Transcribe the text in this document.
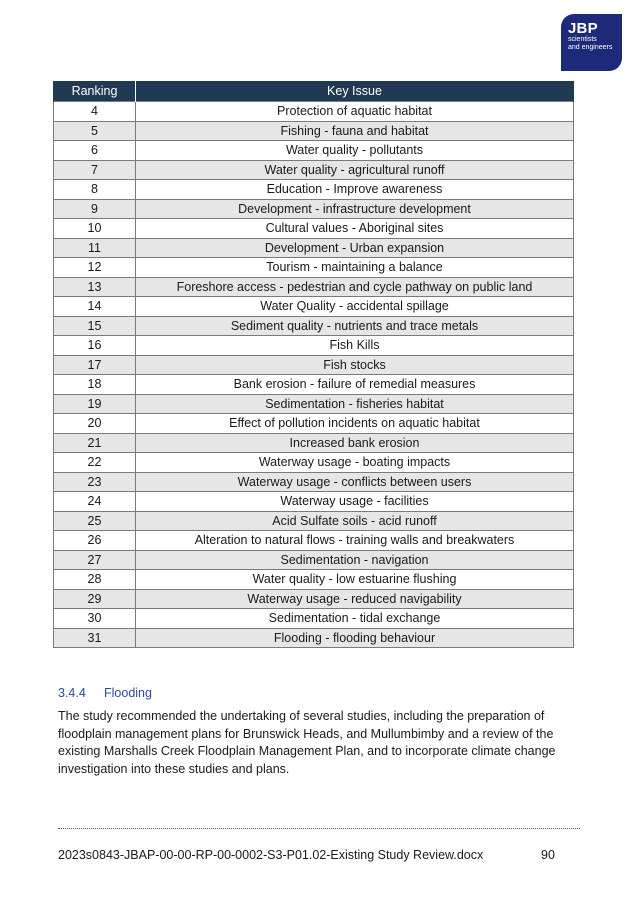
JBP
scientists
and engineers
Ranking	Key Issue
4	Protection of aquatic habitat
5	Fishing - fauna and habitat
6	Water quality - pollutants
7	Water quality - agricultural runoff
8	Education - Improve awareness
9	Development - infrastructure development
10	Cultural values - Aboriginal sites
11	Development - Urban expansion
12	Tourism - maintaining a balance
13	Foreshore access - pedestrian and cycle pathway on public land
14	Water Quality - accidental spillage
15	Sediment quality - nutrients and trace metals
16	Fish Kills
17	Fish stocks
18	Bank erosion - failure of remedial measures
19	Sedimentation - fisheries habitat
20	Effect of pollution incidents on aquatic habitat
21	Increased bank erosion
22	Waterway usage - boating impacts
23	Waterway usage - conflicts between users
24	Waterway usage - facilities
25	Acid Sulfate soils - acid runoff
26	Alteration to natural flows - training walls and breakwaters
27	Sedimentation - navigation
28	Water quality - low estuarine flushing
29	Waterway usage - reduced navigability
30	Sedimentation - tidal exchange
31	Flooding - flooding behaviour
3.4.4 Flooding
The study recommended the undertaking of several studies, including the preparation of floodplain management plans for Brunswick Heads, and Mullumbimby and a review of the existing Marshalls Creek Floodplain Management Plan, and to incorporate climate change investigation into these studies and plans.
2023s0843-JBAP-00-00-RP-00-0002-S3-P01.02-Existing Study Review.docx	90
